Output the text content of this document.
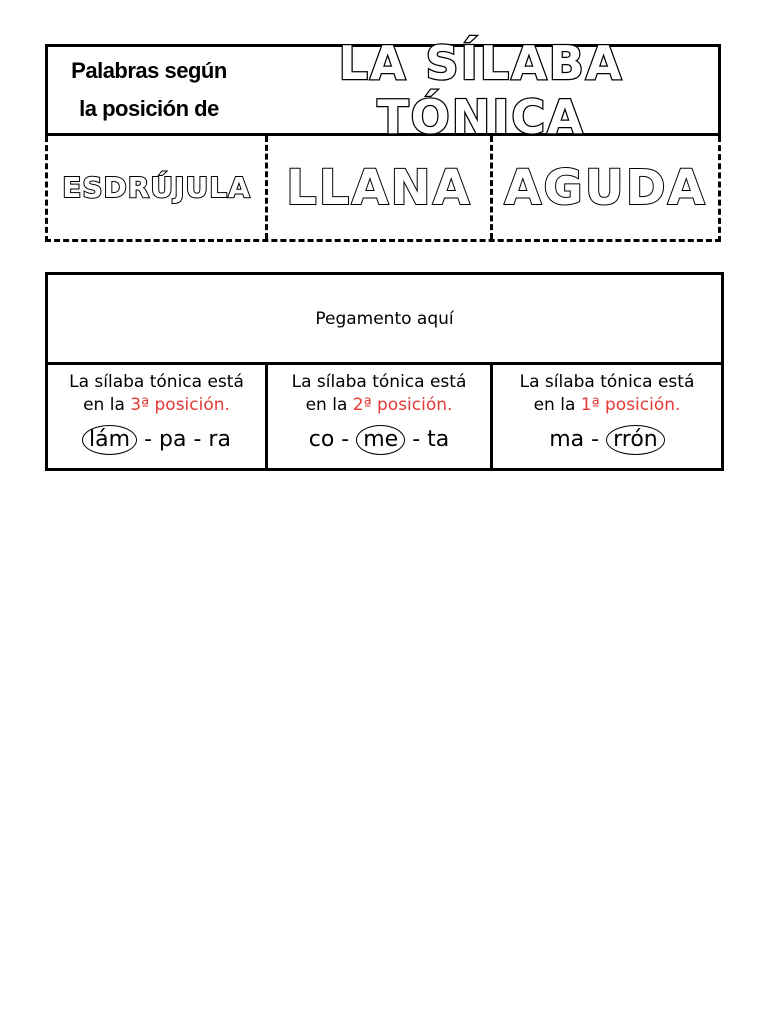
Palabras según
la posición de
LA SÍLABA TÓNICA
ESDRÚJULA LLANA AGUDA
Pegamento aquí
La sílaba tónica está
en la 3ª posición.
lám - pa - ra
La sílaba tónica está
en la 2ª posición.
co - me - ta
La sílaba tónica está
en la 1ª posición.
ma - rrón
